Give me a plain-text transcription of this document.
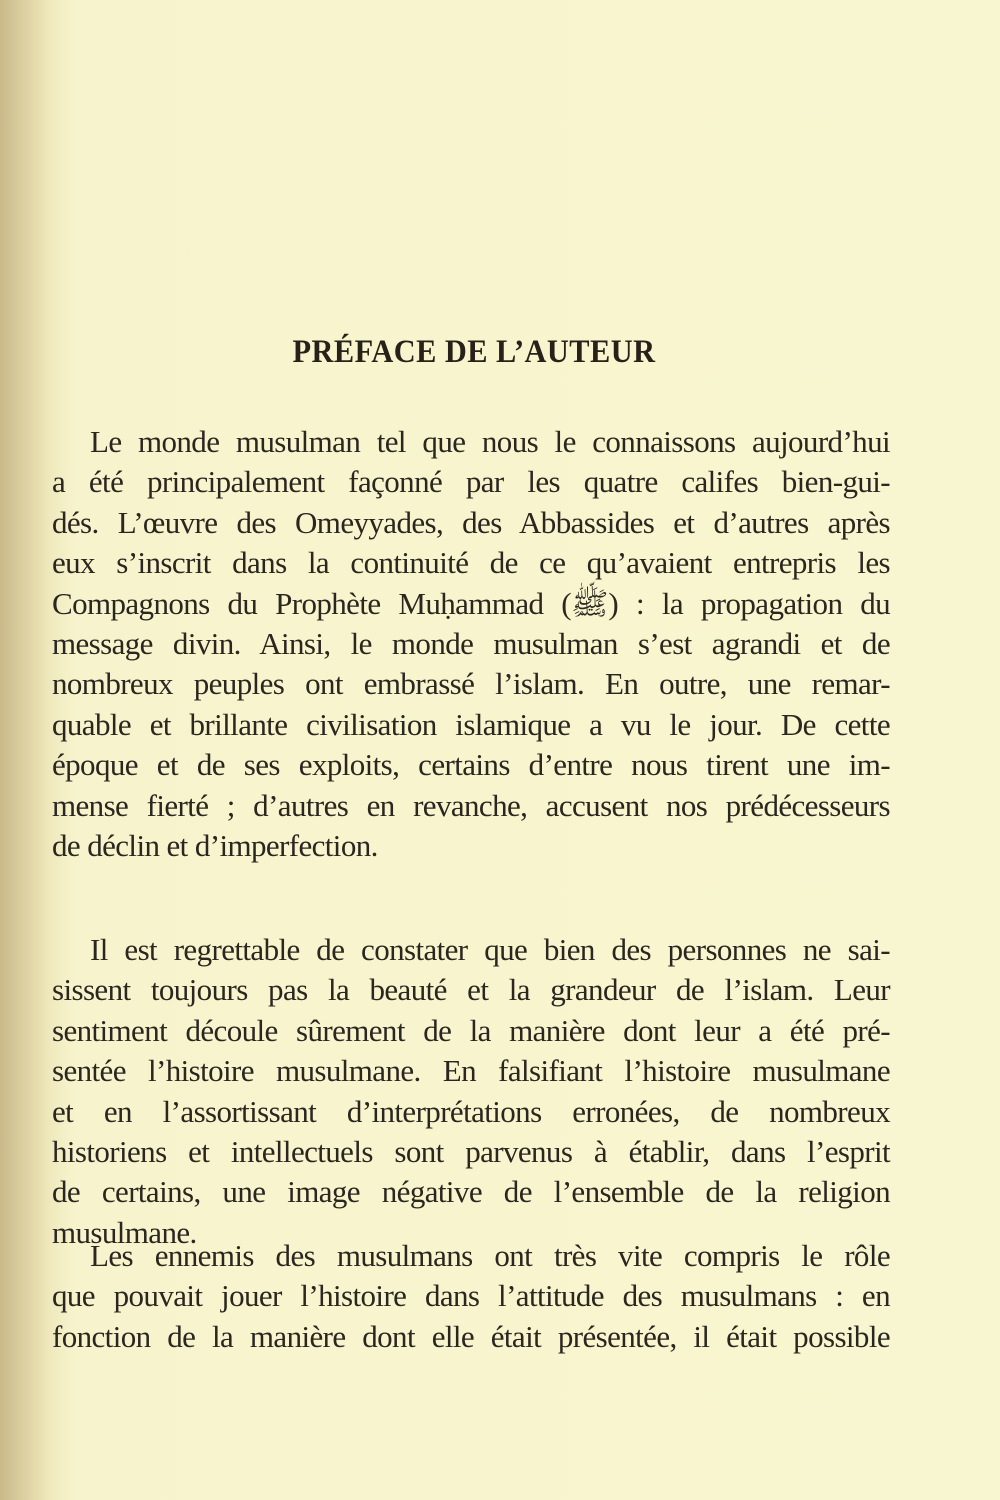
PRÉFACE DE L’AUTEUR
Le monde musulman tel que nous le connaissons aujourd’hui
a été principalement façonné par les quatre califes bien-gui-
dés. L’œuvre des Omeyyades, des Abbassides et d’autres après
eux s’inscrit dans la continuité de ce qu’avaient entrepris les
Compagnons du Prophète Muḥammad (ﷺ) : la propagation du
message divin. Ainsi, le monde musulman s’est agrandi et de
nombreux peuples ont embrassé l’islam. En outre, une remar-
quable et brillante civilisation islamique a vu le jour. De cette
époque et de ses exploits, certains d’entre nous tirent une im-
mense fierté ; d’autres en revanche, accusent nos prédécesseurs
de déclin et d’imperfection.
Il est regrettable de constater que bien des personnes ne sai-
sissent toujours pas la beauté et la grandeur de l’islam. Leur
sentiment découle sûrement de la manière dont leur a été pré-
sentée l’histoire musulmane. En falsifiant l’histoire musulmane
et en l’assortissant d’interprétations erronées, de nombreux
historiens et intellectuels sont parvenus à établir, dans l’esprit
de certains, une image négative de l’ensemble de la religion
musulmane.
Les ennemis des musulmans ont très vite compris le rôle
que pouvait jouer l’histoire dans l’attitude des musulmans : en
fonction de la manière dont elle était présentée, il était possible
